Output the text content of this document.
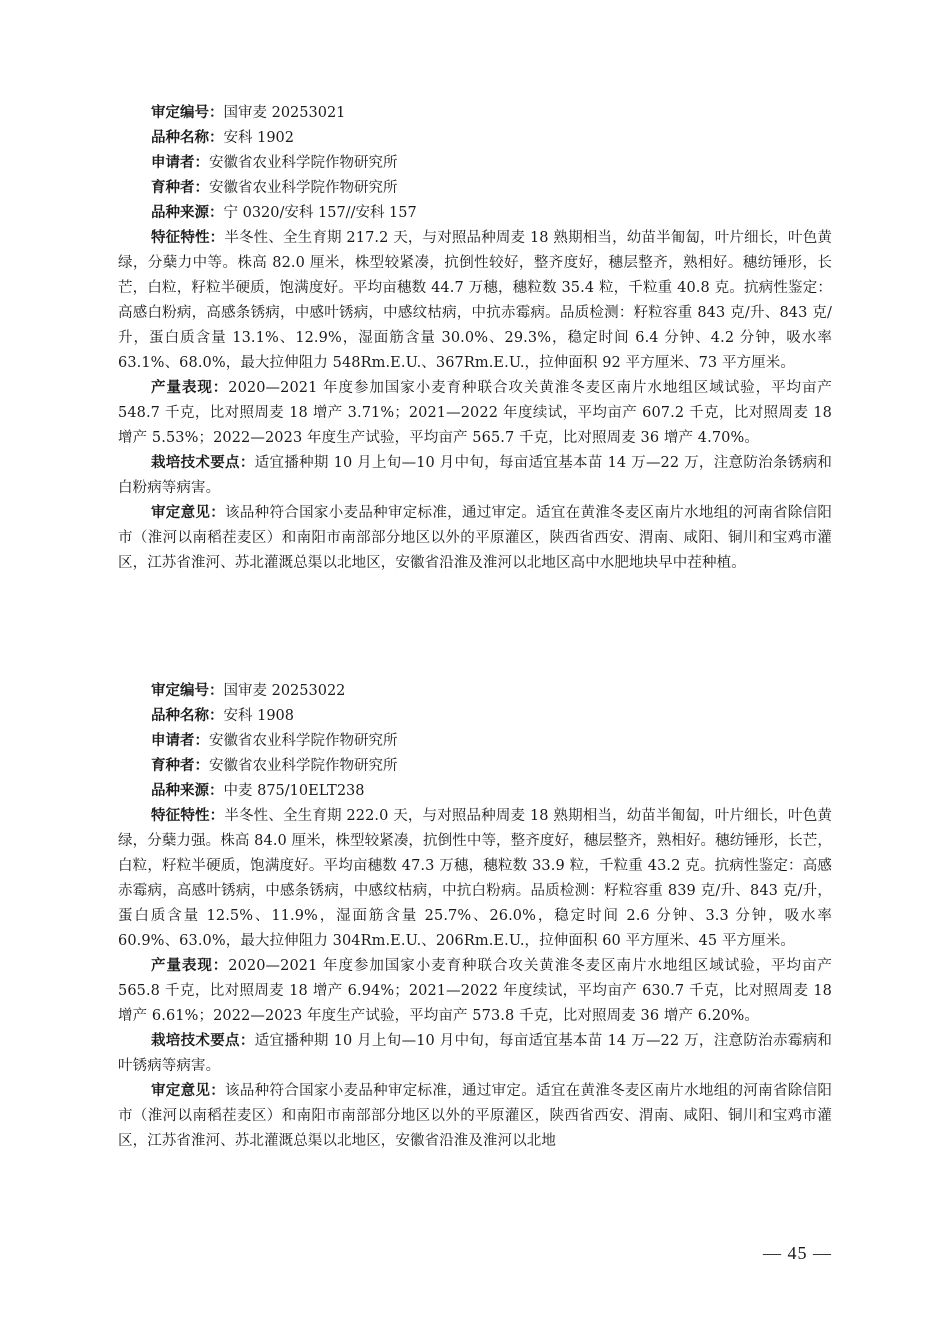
审定编号：国审麦 20253021

品种名称：安科 1902

申请者：安徽省农业科学院作物研究所

育种者：安徽省农业科学院作物研究所

品种来源：宁 0320/安科 157//安科 157

特征特性：半冬性、全生育期 217.2 天，与对照品种周麦 18 熟期相当，幼苗半匍匐，叶片细长，叶色黄绿，分蘖力中等。株高 82.0 厘米，株型较紧凑，抗倒性较好，整齐度好，穗层整齐，熟相好。穗纺锤形，长芒，白粒，籽粒半硬质，饱满度好。平均亩穗数 44.7 万穗，穗粒数 35.4 粒，千粒重 40.8 克。抗病性鉴定：高感白粉病，高感条锈病，中感叶锈病，中感纹枯病，中抗赤霉病。品质检测：籽粒容重 843 克/升、843 克/升，蛋白质含量 13.1%、12.9%，湿面筋含量 30.0%、29.3%，稳定时间 6.4 分钟、4.2 分钟，吸水率 63.1%、68.0%，最大拉伸阻力 548Rm.E.U.、367Rm.E.U.，拉伸面积 92 平方厘米、73 平方厘米。

产量表现：2020—2021 年度参加国家小麦育种联合攻关黄淮冬麦区南片水地组区域试验，平均亩产 548.7 千克，比对照周麦 18 增产 3.71%；2021—2022 年度续试，平均亩产 607.2 千克，比对照周麦 18 增产 5.53%；2022—2023 年度生产试验，平均亩产 565.7 千克，比对照周麦 36 增产 4.70%。

栽培技术要点：适宜播种期 10 月上旬—10 月中旬，每亩适宜基本苗 14 万—22 万，注意防治条锈病和白粉病等病害。

审定意见：该品种符合国家小麦品种审定标准，通过审定。适宜在黄淮冬麦区南片水地组的河南省除信阳市（淮河以南稻茬麦区）和南阳市南部部分地区以外的平原灌区，陕西省西安、渭南、咸阳、铜川和宝鸡市灌区，江苏省淮河、苏北灌溉总渠以北地区，安徽省沿淮及淮河以北地区高中水肥地块早中茬种植。

审定编号：国审麦 20253022

品种名称：安科 1908

申请者：安徽省农业科学院作物研究所

育种者：安徽省农业科学院作物研究所

品种来源：中麦 875/10ELT238

特征特性：半冬性、全生育期 222.0 天，与对照品种周麦 18 熟期相当，幼苗半匍匐，叶片细长，叶色黄绿，分蘖力强。株高 84.0 厘米，株型较紧凑，抗倒性中等，整齐度好，穗层整齐，熟相好。穗纺锤形，长芒，白粒，籽粒半硬质，饱满度好。平均亩穗数 47.3 万穗，穗粒数 33.9 粒，千粒重 43.2 克。抗病性鉴定：高感赤霉病，高感叶锈病，中感条锈病，中感纹枯病，中抗白粉病。品质检测：籽粒容重 839 克/升、843 克/升，蛋白质含量 12.5%、11.9%，湿面筋含量 25.7%、26.0%，稳定时间 2.6 分钟、3.3 分钟，吸水率 60.9%、63.0%，最大拉伸阻力 304Rm.E.U.、206Rm.E.U.，拉伸面积 60 平方厘米、45 平方厘米。

产量表现：2020—2021 年度参加国家小麦育种联合攻关黄淮冬麦区南片水地组区域试验，平均亩产 565.8 千克，比对照周麦 18 增产 6.94%；2021—2022 年度续试，平均亩产 630.7 千克，比对照周麦 18 增产 6.61%；2022—2023 年度生产试验，平均亩产 573.8 千克，比对照周麦 36 增产 6.20%。

栽培技术要点：适宜播种期 10 月上旬—10 月中旬，每亩适宜基本苗 14 万—22 万，注意防治赤霉病和叶锈病等病害。

审定意见：该品种符合国家小麦品种审定标准，通过审定。适宜在黄淮冬麦区南片水地组的河南省除信阳市（淮河以南稻茬麦区）和南阳市南部部分地区以外的平原灌区，陕西省西安、渭南、咸阳、铜川和宝鸡市灌区，江苏省淮河、苏北灌溉总渠以北地区，安徽省沿淮及淮河以北地

— 45 —
